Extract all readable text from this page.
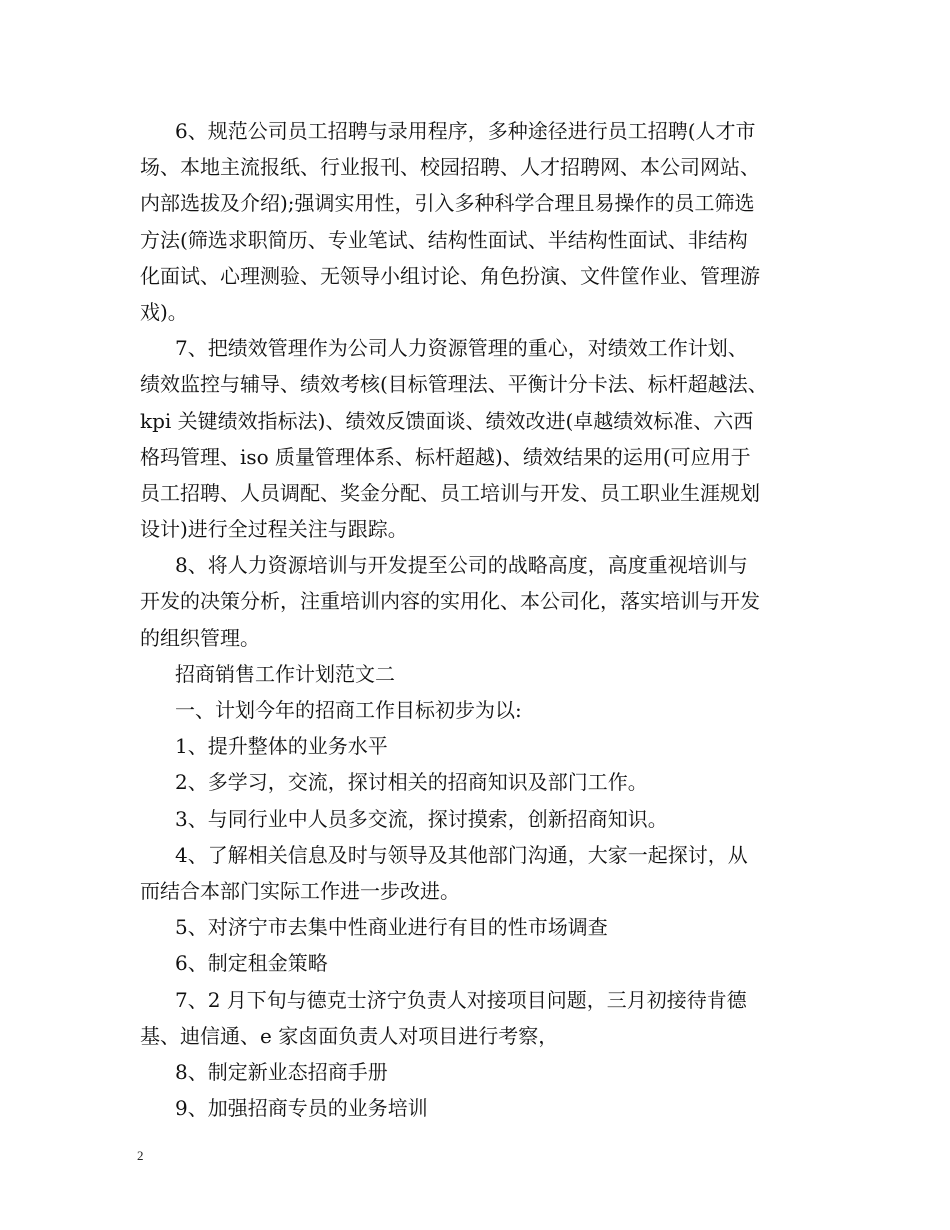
6、规范公司员工招聘与录用程序，多种途径进行员工招聘(人才市
场、本地主流报纸、行业报刊、校园招聘、人才招聘网、本公司网站、
内部选拔及介绍);强调实用性，引入多种科学合理且易操作的员工筛选
方法(筛选求职简历、专业笔试、结构性面试、半结构性面试、非结构
化面试、心理测验、无领导小组讨论、角色扮演、文件筐作业、管理游
戏)。
7、把绩效管理作为公司人力资源管理的重心，对绩效工作计划、
绩效监控与辅导、绩效考核(目标管理法、平衡计分卡法、标杆超越法、
kpi 关键绩效指标法)、绩效反馈面谈、绩效改进(卓越绩效标准、六西
格玛管理、iso 质量管理体系、标杆超越)、绩效结果的运用(可应用于
员工招聘、人员调配、奖金分配、员工培训与开发、员工职业生涯规划
设计)进行全过程关注与跟踪。
8、将人力资源培训与开发提至公司的战略高度，高度重视培训与
开发的决策分析，注重培训内容的实用化、本公司化，落实培训与开发
的组织管理。
招商销售工作计划范文二
一、计划今年的招商工作目标初步为以:
1、提升整体的业务水平
2、多学习，交流，探讨相关的招商知识及部门工作。
3、与同行业中人员多交流，探讨摸索，创新招商知识。
4、了解相关信息及时与领导及其他部门沟通，大家一起探讨，从
而结合本部门实际工作进一步改进。
5、对济宁市去集中性商业进行有目的性市场调查
6、制定租金策略
7、2 月下旬与德克士济宁负责人对接项目问题，三月初接待肯德
基、迪信通、e 家卤面负责人对项目进行考察，
8、制定新业态招商手册
9、加强招商专员的业务培训
2
